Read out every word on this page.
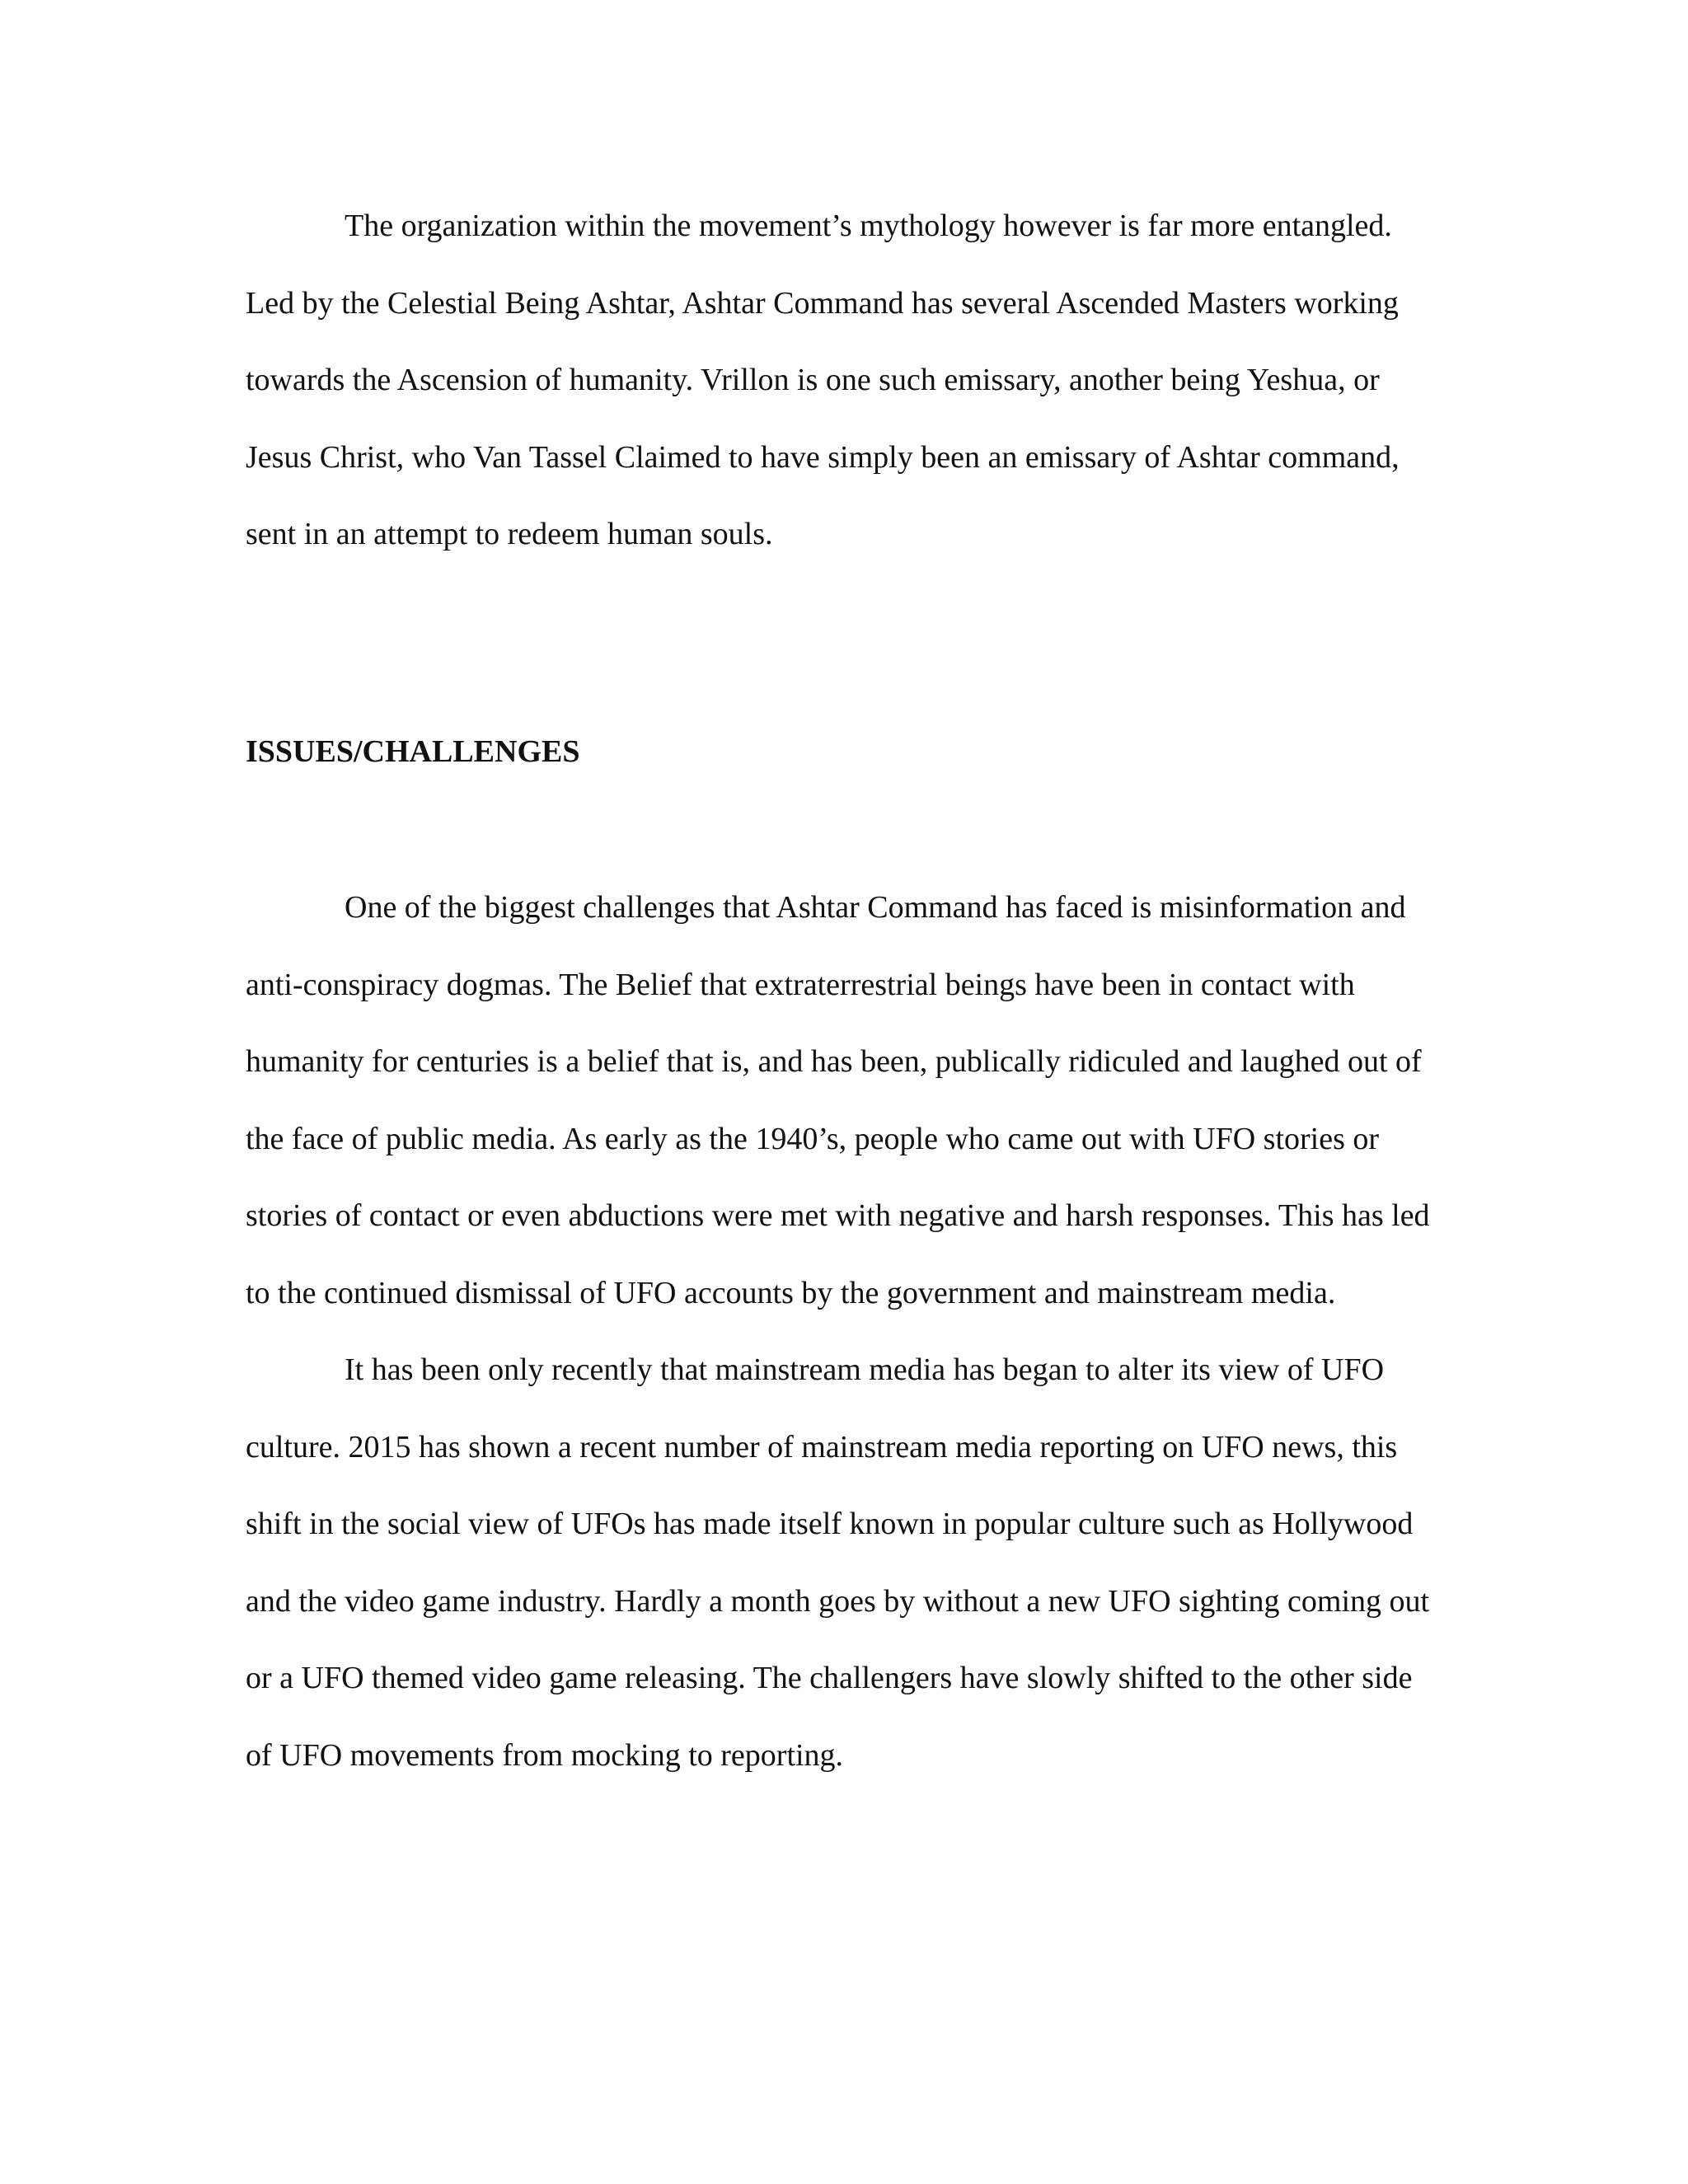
The organization within the movement’s mythology however is far more entangled. Led by the Celestial Being Ashtar, Ashtar Command has several Ascended Masters working towards the Ascension of humanity. Vrillon is one such emissary, another being Yeshua, or Jesus Christ, who Van Tassel Claimed to have simply been an emissary of Ashtar command, sent in an attempt to redeem human souls.

ISSUES/CHALLENGES

One of the biggest challenges that Ashtar Command has faced is misinformation and anti-conspiracy dogmas. The Belief that extraterrestrial beings have been in contact with humanity for centuries is a belief that is, and has been, publically ridiculed and laughed out of the face of public media. As early as the 1940’s, people who came out with UFO stories or stories of contact or even abductions were met with negative and harsh responses. This has led to the continued dismissal of UFO accounts by the government and mainstream media.

It has been only recently that mainstream media has began to alter its view of UFO culture. 2015 has shown a recent number of mainstream media reporting on UFO news, this shift in the social view of UFOs has made itself known in popular culture such as Hollywood and the video game industry. Hardly a month goes by without a new UFO sighting coming out or a UFO themed video game releasing. The challengers have slowly shifted to the other side of UFO movements from mocking to reporting.
